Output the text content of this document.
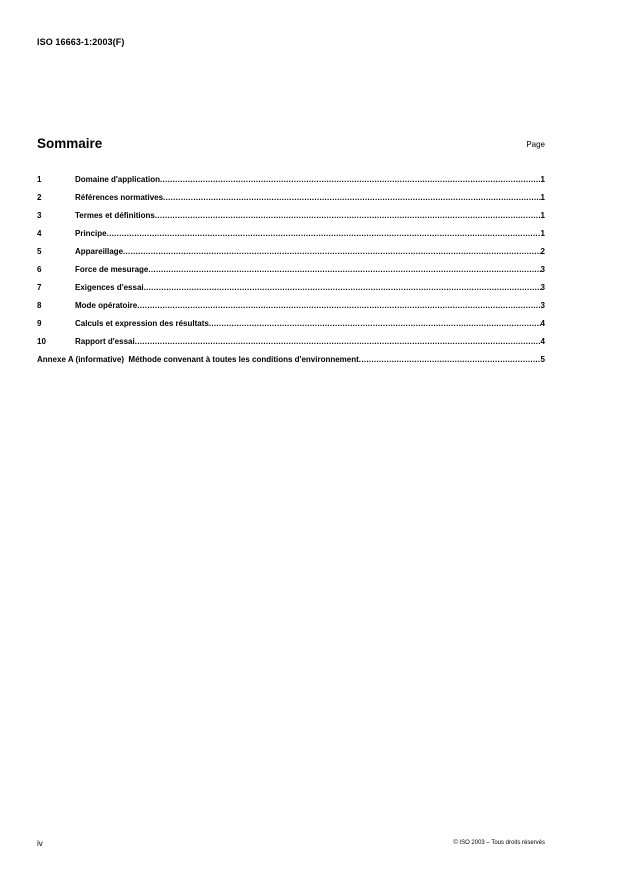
ISO 16663-1:2003(F)
Sommaire	Page
1	Domaine d'application .....	1
2	Références normatives .....	1
3	Termes et définitions .....	1
4	Principe .....	1
5	Appareillage .....	2
6	Force de mesurage .....	3
7	Exigences d'essai .....	3
8	Mode opératoire .....	3
9	Calculs et expression des résultats .....	4
10	Rapport d'essai .....	4
Annexe A (informative)  Méthode convenant à toutes les conditions d'environnement .....	5
iv	© ISO 2003 – Tous droits réservés
